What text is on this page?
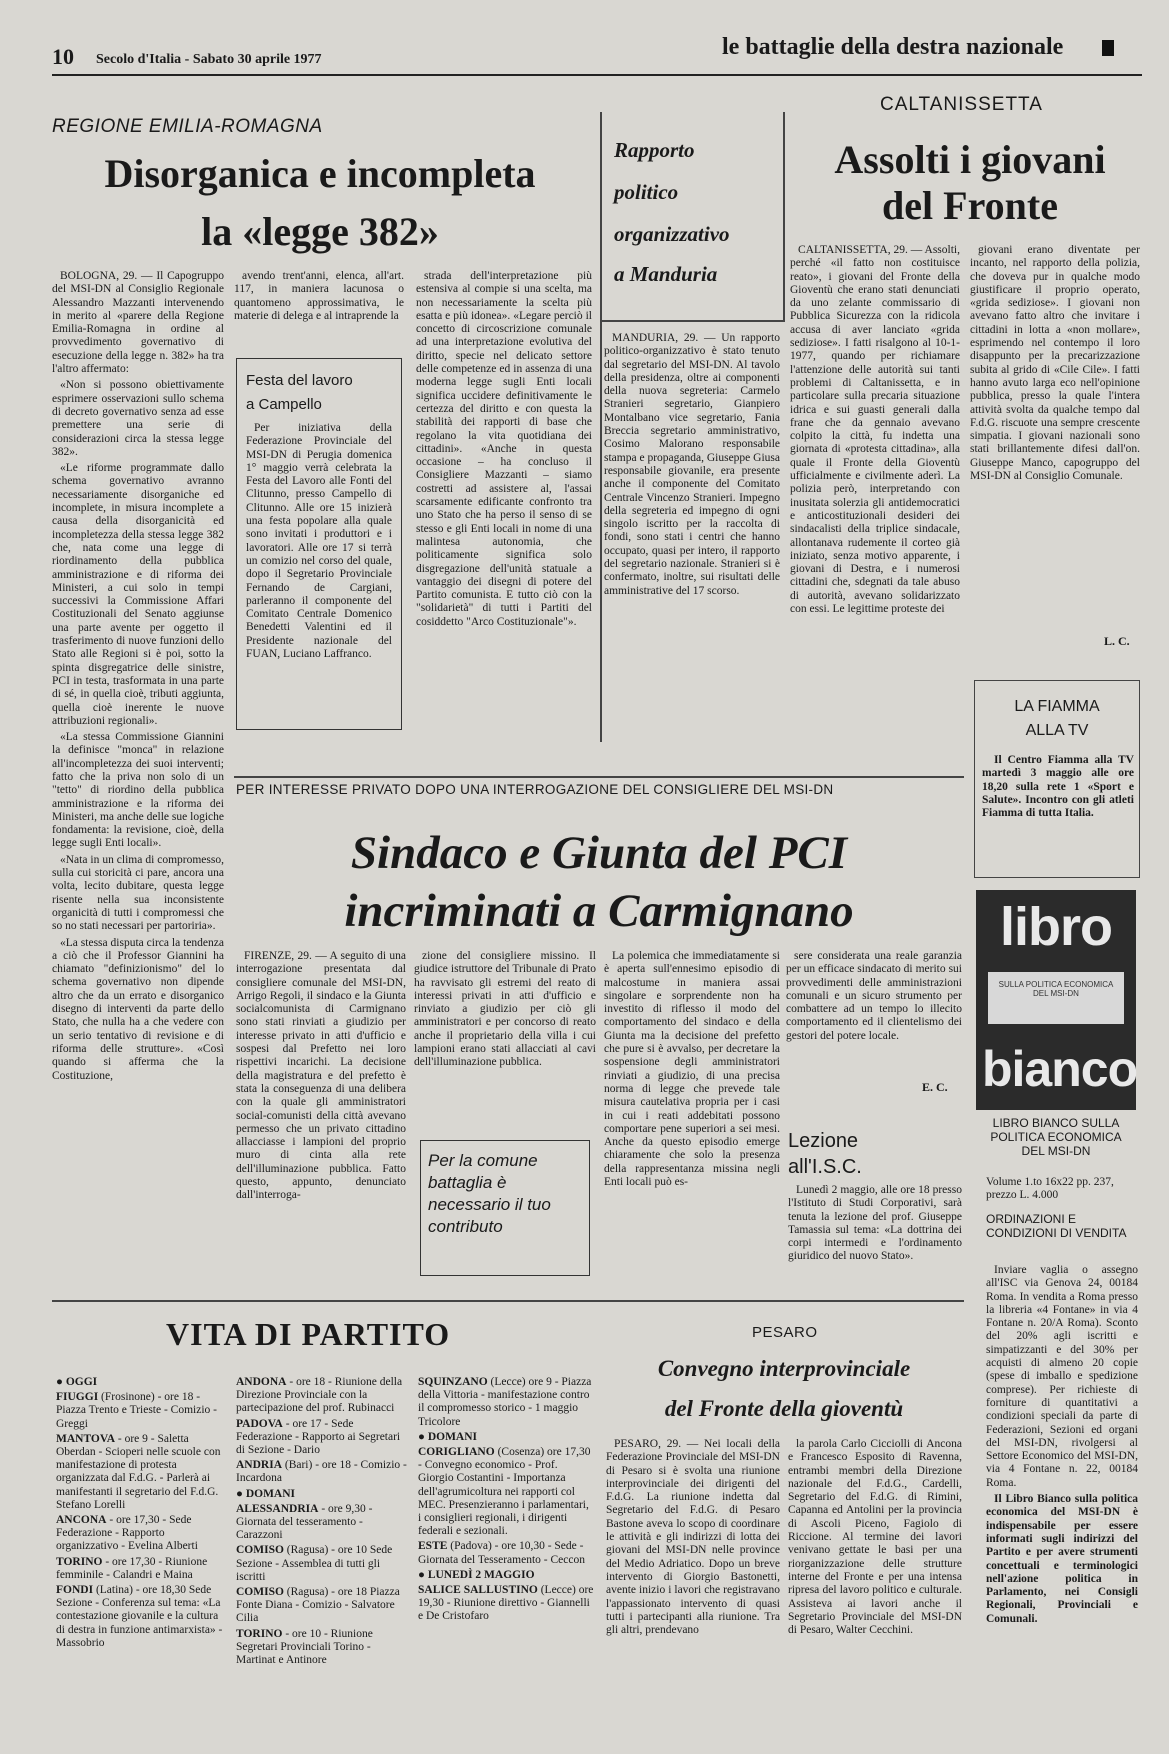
10 Secolo d'Italia - Sabato 30 aprile 1977	le battaglie della destra nazionale
REGIONE EMILIA-ROMAGNA
Disorganica e incompleta
la «legge 382»

BOLOGNA, 29. — Il Capogruppo del MSI-DN al Consiglio Regionale Alessandro Mazzanti intervenendo in merito al «parere della Regione Emilia-Romagna in ordine al provvedimento governativo di esecuzione della legge n. 382» ha tra l'altro affermato:

«Non si possono obiettivamente esprimere osservazioni sullo schema di decreto governativo senza ad esse premettere una serie di considerazioni circa la stessa legge 382».

«Le riforme programmate dallo schema governativo avranno necessariamente disorganiche ed incomplete, in misura incomplete a causa della disorganicità ed incompletezza della stessa legge 382 che, nata come una legge di riordinamento della pubblica amministrazione e di riforma dei Ministeri, a cui solo in tempi successivi la Commissione Affari Costituzionali del Senato aggiunse una parte avente per oggetto il trasferimento di nuove funzioni dello Stato alle Regioni si è poi, sotto la spinta disgregatrice delle sinistre, PCI in testa, trasformata in una parte di sé, in quella cioè, tributi aggiunta, quella cioè inerente le nuove attribuzioni regionali».

«La stessa Commissione Giannini la definisce "monca" in relazione all'incompletezza dei suoi interventi; fatto che la priva non solo di un "tetto" di riordino della pubblica amministrazione e la riforma dei Ministeri, ma anche delle sue logiche fondamenta: la revisione, cioè, della legge sugli Enti locali».

«Nata in un clima di compromesso, sulla cui storicità ci pare, ancora una volta, lecito dubitare, questa legge risente nella sua inconsistente organicità di tutti i compromessi che so no stati necessari per partoriria».

«La stessa disputa circa la tendenza a ciò che il Professor Giannini ha chiamato "definizionismo" del lo schema governativo non dipende altro che da un errato e disorganico disegno di interventi da parte dello Stato, che nulla ha a che vedere con un serio tentativo di revisione e di riforma delle strutture». «Così quando si afferma che la Costituzione,

avendo trent'anni, elenca, all'art. 117, in maniera lacunosa o quantomeno approssimativa, le materie di delega e al intraprende la

strada dell'interpretazione più estensiva al compie si una scelta, ma non necessariamente la scelta più esatta e più idonea». «Legare perciò il concetto di circoscrizione comunale ad una interpretazione evolutiva del diritto, specie nel delicato settore delle competenze ed in assenza di una moderna legge sugli Enti locali significa uccidere definitivamente le certezza del diritto e con questa la stabilità dei rapporti di base che regolano la vita quotidiana dei cittadini». «Anche in questa occasione – ha concluso il Consigliere Mazzanti – siamo costretti ad assistere al, l'assai scarsamente edificante confronto tra uno Stato che ha perso il senso di se stesso e gli Enti locali in nome di una malintesa autonomia, che politicamente significa solo disgregazione dell'unità statuale a vantaggio dei disegni di potere del Partito comunista. E tutto ciò con la "solidarietà" di tutti i Partiti del cosiddetto "Arco Costituzionale"».

Festa del lavoro
a Campello

Per iniziativa della Federazione Provinciale del MSI-DN di Perugia domenica 1° maggio verrà celebrata la Festa del Lavoro alle Fonti del Clitunno, presso Campello di Clitunno. Alle ore 15 inizierà una festa popolare alla quale sono invitati i produttori e i lavoratori. Alle ore 17 si terrà un comizio nel corso del quale, dopo il Segretario Provinciale Fernando de Cargiani, parleranno il componente del Comitato Centrale Domenico Benedetti Valentini ed il Presidente nazionale del FUAN, Luciano Laffranco.

Rapporto
politico
organizzativo
a Manduria

MANDURIA, 29. — Un rapporto politico-organizzativo è stato tenuto dal segretario del MSI-DN. Al tavolo della presidenza, oltre ai componenti della nuova segreteria: Carmelo Stranieri segretario, Gianpiero Montalbano vice segretario, Fania Breccia segretario amministrativo, Cosimo Malorano responsabile stampa e propaganda, Giuseppe Giusa responsabile giovanile, era presente anche il componente del Comitato Centrale Vincenzo Stranieri. Impegno della segreteria ed impegno di ogni singolo iscritto per la raccolta di fondi, sono stati i centri che hanno occupato, quasi per intero, il rapporto del segretario nazionale. Stranieri si è confermato, inoltre, sui risultati delle amministrative del 17 scorso.

CALTANISSETTA
Assolti i giovani
del Fronte

CALTANISSETTA, 29. — Assolti, perché «il fatto non costituisce reato», i giovani del Fronte della Gioventù che erano stati denunciati da uno zelante commissario di Pubblica Sicurezza con la ridicola accusa di aver lanciato «grida sediziose». I fatti risalgono al 10-1-1977, quando per richiamare l'attenzione delle autorità sui tanti problemi di Caltanissetta, e in particolare sulla precaria situazione idrica e sui guasti generali dalla frane che da gennaio avevano colpito la città, fu indetta una giornata di «protesta cittadina», alla quale il Fronte della Gioventù ufficialmente e civilmente aderì. La polizia però, interpretando con inusitata solerzia gli antidemocratici e anticostituzionali desideri dei sindacalisti della triplice sindacale, allontanava rudemente il corteo già iniziato, senza motivo apparente, i giovani di Destra, e i numerosi cittadini che, sdegnati da tale abuso di autorità, avevano solidarizzato con essi. Le legittime proteste dei

giovani erano diventate per incanto, nel rapporto della polizia, che doveva pur in qualche modo giustificare il proprio operato, «grida sediziose». I giovani non avevano fatto altro che invitare i cittadini in lotta a «non mollare», esprimendo nel contempo il loro disappunto per la precarizzazione subita al grido di «Cile Cile». I fatti hanno avuto larga eco nell'opinione pubblica, presso la quale l'intera attività svolta da qualche tempo dal F.d.G. riscuote una sempre crescente simpatia. I giovani nazionali sono stati brillantemente difesi dall'on. Giuseppe Manco, capogruppo del MSI-DN al Consiglio Comunale.

L. C.
LA FIAMMA
ALLA TV

Il Centro Fiamma alla TV martedì 3 maggio alle ore 18,20 sulla rete 1 «Sport e Salute». Incontro con gli atleti Fiamma di tutta Italia.

libro
SULLA POLITICA ECONOMICA DEL MSI-DN
bianco
LIBRO BIANCO SULLA POLITICA ECONOMICA DEL MSI-DN
Volume 1.to 16x22 pp. 237, prezzo L. 4.000
ORDINAZIONI E CONDIZIONI DI VENDITA

Inviare vaglia o assegno all'ISC via Genova 24, 00184 Roma. In vendita a Roma presso la libreria «4 Fontane» in via 4 Fontane n. 20/A Roma). Sconto del 20% agli iscritti e simpatizzanti e del 30% per acquisti di almeno 20 copie (spese di imballo e spedizione comprese). Per richieste di forniture di quantitativi a condizioni speciali da parte di Federazioni, Sezioni ed organi del MSI-DN, rivolgersi al Settore Economico del MSI-DN, via 4 Fontane n. 22, 00184 Roma.

Il Libro Bianco sulla politica economica del MSI-DN è indispensabile per essere informati sugli indirizzi del Partito e per avere strumenti concettuali e terminologici nell'azione politica in Parlamento, nei Consigli Regionali, Provinciali e Comunali.

PER INTERESSE PRIVATO DOPO UNA INTERROGAZIONE DEL CONSIGLIERE DEL MSI-DN
Sindaco e Giunta del PCI
incriminati a Carmignano

FIRENZE, 29. — A seguito di una interrogazione presentata dal consigliere comunale del MSI-DN, Arrigo Regoli, il sindaco e la Giunta socialcomunista di Carmignano sono stati rinviati a giudizio per interesse privato in atti d'ufficio e sospesi dal Prefetto nei loro rispettivi incarichi. La decisione della magistratura e del prefetto è stata la conseguenza di una delibera con la quale gli amministratori social-comunisti della città avevano permesso che un privato cittadino allacciasse i lampioni del proprio muro di cinta alla rete dell'illuminazione pubblica. Fatto questo, appunto, denunciato dall'interroga-

zione del consigliere missino. Il giudice istruttore del Tribunale di Prato ha ravvisato gli estremi del reato di interessi privati in atti d'ufficio e rinviato a giudizio per ciò gli amministratori e per concorso di reato anche il proprietario della villa i cui lampioni erano stati allacciati al cavi dell'illuminazione pubblica.

Per la comune battaglia è necessario il tuo contributo

La polemica che immediatamente si è aperta sull'ennesimo episodio di malcostume in maniera assai singolare e sorprendente non ha investito di riflesso il modo del comportamento del sindaco e della Giunta ma la decisione del prefetto che pure si è avvalso, per decretare la sospensione degli amministratori rinviati a giudizio, di una precisa norma di legge che prevede tale misura cautelativa propria per i casi in cui i reati addebitati possono comportare pene superiori a sei mesi. Anche da questo episodio emerge chiaramente che solo la presenza della rappresentanza missina negli Enti locali può es-

sere considerata una reale garanzia per un efficace sindacato di merito sui provvedimenti delle amministrazioni comunali e un sicuro strumento per combattere ad un tempo lo illecito comportamento ed il clientelismo dei gestori del potere locale.

E. C.
Lezione
all'I.S.C.

Lunedì 2 maggio, alle ore 18 presso l'Istituto di Studi Corporativi, sarà tenuta la lezione del prof. Giuseppe Tamassia sul tema: «La dottrina dei corpi intermedi e l'ordinamento giuridico del nuovo Stato».

VITA DI PARTITO

● OGGI

FIUGGI (Frosinone) - ore 18 - Piazza Trento e Trieste - Comizio - Greggi

MANTOVA - ore 9 - Saletta Oberdan - Scioperi nelle scuole con manifestazione di protesta organizzata dal F.d.G. - Parlerà ai manifestanti il segretario del F.d.G. Stefano Lorelli

ANCONA - ore 17,30 - Sede Federazione - Rapporto organizzativo - Evelina Alberti

TORINO - ore 17,30 - Riunione femminile - Calandri e Maina

FONDI (Latina) - ore 18,30 Sede Sezione - Conferenza sul tema: «La contestazione giovanile e la cultura di destra in funzione antimarxista» - Massobrio

ANDONA - ore 18 - Riunione della Direzione Provinciale con la partecipazione del prof. Rubinacci

PADOVA - ore 17 - Sede Federazione - Rapporto ai Segretari di Sezione - Dario

ANDRIA (Bari) - ore 18 - Comizio - Incardona

● DOMANI

ALESSANDRIA - ore 9,30 - Giornata del tesseramento - Carazzoni

COMISO (Ragusa) - ore 10 Sede Sezione - Assemblea di tutti gli iscritti

COMISO (Ragusa) - ore 18 Piazza Fonte Diana - Comizio - Salvatore Cilia

TORINO - ore 10 - Riunione Segretari Provinciali Torino - Martinat e Antinore

SQUINZANO (Lecce) ore 9 - Piazza della Vittoria - manifestazione contro il compromesso storico - 1 maggio Tricolore

● DOMANI

CORIGLIANO (Cosenza) ore 17,30 - Convegno economico - Prof. Giorgio Costantini - Importanza dell'agrumicoltura nei rapporti col MEC. Presenzieranno i parlamentari, i consiglieri regionali, i dirigenti federali e sezionali.

ESTE (Padova) - ore 10,30 - Sede - Giornata del Tesseramento - Ceccon

● LUNEDÌ 2 MAGGIO

SALICE SALLUSTINO (Lecce) ore 19,30 - Riunione direttivo - Giannelli e De Cristofaro

PESARO
Convegno interprovinciale
del Fronte della gioventù

PESARO, 29. — Nei locali della Federazione Provinciale del MSI-DN di Pesaro si è svolta una riunione interprovinciale dei dirigenti del F.d.G. La riunione indetta dal Segretario del F.d.G. di Pesaro Bastone aveva lo scopo di coordinare le attività e gli indirizzi di lotta dei giovani del MSI-DN nelle province del Medio Adriatico. Dopo un breve intervento di Giorgio Bastonetti, avente inizio i lavori che registravano l'appassionato intervento di quasi tutti i partecipanti alla riunione. Tra gli altri, prendevano

la parola Carlo Cicciolli di Ancona e Francesco Esposito di Ravenna, entrambi membri della Direzione nazionale del F.d.G., Cardelli, Segretario del F.d.G. di Rimini, Capanna ed Antolini per la provincia di Ascoli Piceno, Fagiolo di Riccione. Al termine dei lavori venivano gettate le basi per una riorganizzazione delle strutture interne del Fronte e per una intensa ripresa del lavoro politico e culturale. Assisteva ai lavori anche il Segretario Provinciale del MSI-DN di Pesaro, Walter Cecchini.
